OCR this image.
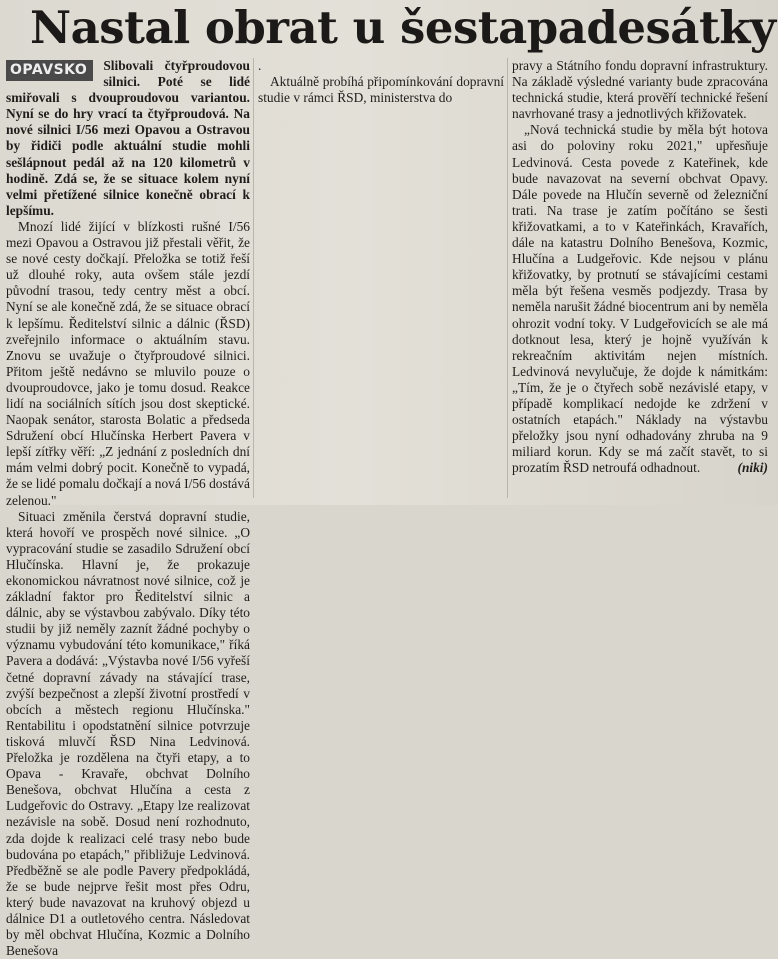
Nastal obrat u šestapadesátky

OPAVSKO	Slibovali čtyřproudovou silnici. Poté se lidé smiřovali s dvouproudovou variantou. Nyní se do hry vrací ta čtyřproudová. Na nové silnici I/56 mezi Opavou a Ostravou by řidiči podle aktuální studie mohli sešlápnout pedál až na 120 kilometrů v hodině. Zdá se, že se situace kolem nyní velmi přetížené silnice konečně obrací k lepšímu.

Mnozí lidé žijící v blízkosti rušné I/56 mezi Opavou a Ostravou již přestali věřit, že se nové cesty dočkají. Přeložka se totiž řeší už dlouhé roky, auta ovšem stále jezdí původní trasou, tedy centry měst a obcí. Nyní se ale konečně zdá, že se situace obrací k lepšímu. Ředitelství silnic a dálnic (ŘSD) zveřejnilo informace o aktuálním stavu. Znovu se uvažuje o čtyřproudové silnici. Přitom ještě nedávno se mluvilo pouze o dvouproudovce, jako je tomu dosud. Reakce lidí na sociálních sítích jsou dost skeptické. Naopak senátor, starosta Bolatic a předseda Sdružení obcí Hlučínska Herbert Pavera v lepší zítřky věří: „Z jednání z posledních dní mám velmi dobrý pocit. Konečně to vypadá, že se lidé pomalu dočkají a nová I/56 dostává zelenou."

Situaci změnila čerstvá dopravní studie, která hovoří ve prospěch nové silnice. „O vypracování studie se zasadilo Sdružení obcí Hlučínska. Hlavní je, že prokazuje ekonomickou návratnost nové silnice, což je základní faktor pro Ředitelství silnic a dálnic, aby se výstavbou zabývalo. Díky této studii by již neměly zaznít žádné pochyby o významu vybudování této komunikace," říká Pavera a dodává: „Výstavba nové I/56 vyřeší četné dopravní závady na stávající trase, zvýší bezpečnost a zlepší životní prostředí v obcích a městech regionu Hlučínska." Rentabilitu i opodstatnění silnice potvrzuje tisková mluvčí ŘSD Nina Ledvinová. Přeložka je rozdělena na čtyři etapy, a to Opava - Kravaře, obchvat Dolního Benešova, obchvat Hlučína a cesta z Ludgeřovic do Ostravy. „Etapy lze realizovat nezávisle na sobě. Dosud není rozhodnuto, zda dojde k realizaci celé trasy nebo bude budována po etapách," přibližuje Ledvinová. Předběžně se ale podle Pavery předpokládá, že se bude nejprve řešit most přes Odru, který bude navazovat na kruhový objezd u dálnice D1 a outletového centra. Následovat by měl obchvat Hlučína, Kozmic a Dolního Benešova

.

Aktuálně probíhá připomínkování dopravní studie v rámci ŘSD, ministerstva do

pravy a Státního fondu dopravní infrastruktury. Na základě výsledné varianty bude zpracována technická studie, která prověří technické řešení navrhované trasy a jednotlivých křižovatek.

„Nová technická studie by měla být hotova asi do poloviny roku 2021," upřesňuje Ledvinová. Cesta povede z Kateřinek, kde bude navazovat na severní obchvat Opavy. Dále povede na Hlučín severně od železniční trati. Na trase je zatím počítáno se šesti křižovatkami, a to v Kateřinkách, Kravařích, dále na katastru Dolního Benešova, Kozmic, Hlučína a Ludgeřovic. Kde nejsou v plánu křižovatky, by protnutí se stávajícími cestami měla být řešena vesměs podjezdy. Trasa by neměla narušit žádné biocentrum ani by neměla ohrozit vodní toky. V Ludgeřovicích se ale má dotknout lesa, který je hojně využíván k rekreačním aktivitám nejen místních. Ledvinová nevylučuje, že dojde k námitkám: „Tím, že je o čtyřech sobě nezávislé etapy, v případě komplikací nedojde ke zdržení v ostatních etapách." Náklady na výstavbu přeložky jsou nyní odhadovány zhruba na 9 miliard korun. Kdy se má začít stavět, to si prozatím ŘSD netroufá odhadnout.	(niki)
